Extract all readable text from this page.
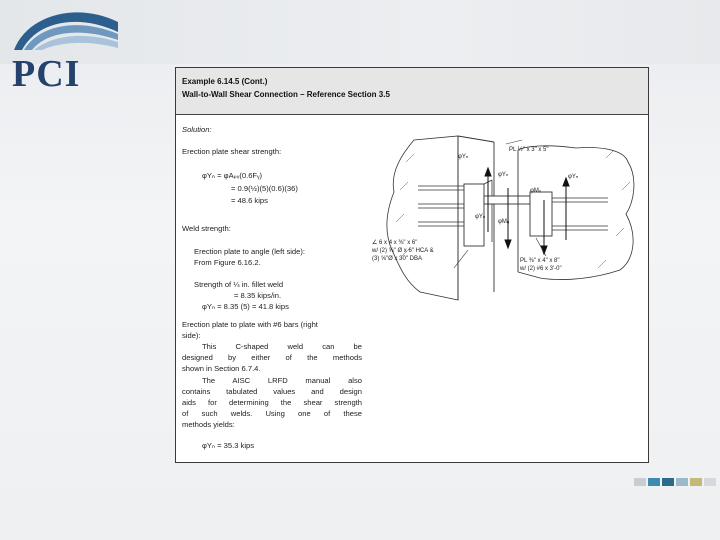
PCI	Example 6.14.5 (Cont.)
Wall-to-Wall Shear Connection – Reference Section 3.5
Solution:
Erection plate shear strength:
φYₙ = φAₚᵥ(0.6Fᵧ)
= 0.9(½)(5)(0.6)(36)
= 48.6 kips
Weld strength:
Erection plate to angle (left side):
From Figure 6.16.2.
Strength of ¼ in. fillet weld
= 8.35 kips/in.
φYₙ = 8.35 (5) = 41.8 kips
Erection plate to plate with #6 bars (right
side):
This C-shaped weld can be
designed by either of the methods
shown in Section 6.7.4.
The AISC LRFD manual also
contains tabulated values and design
aids for determining the shear strength
of such welds. Using one of these
methods yields:
φYₙ = 35.3 kips
PL ½" x 3" x 5"
φYₙ
φYₙ	φYₙ
φMᵤ
φYₙ
φMᵤ
∠ 6 x 4 x ⅜" x 6"
w/ (2) ⅝" Ø x 6" HCA &
(3) ⅝"Ø x 30" DBA	PL ⅜" x 4" x 8"
w/ (2) #6 x 3'-0"
